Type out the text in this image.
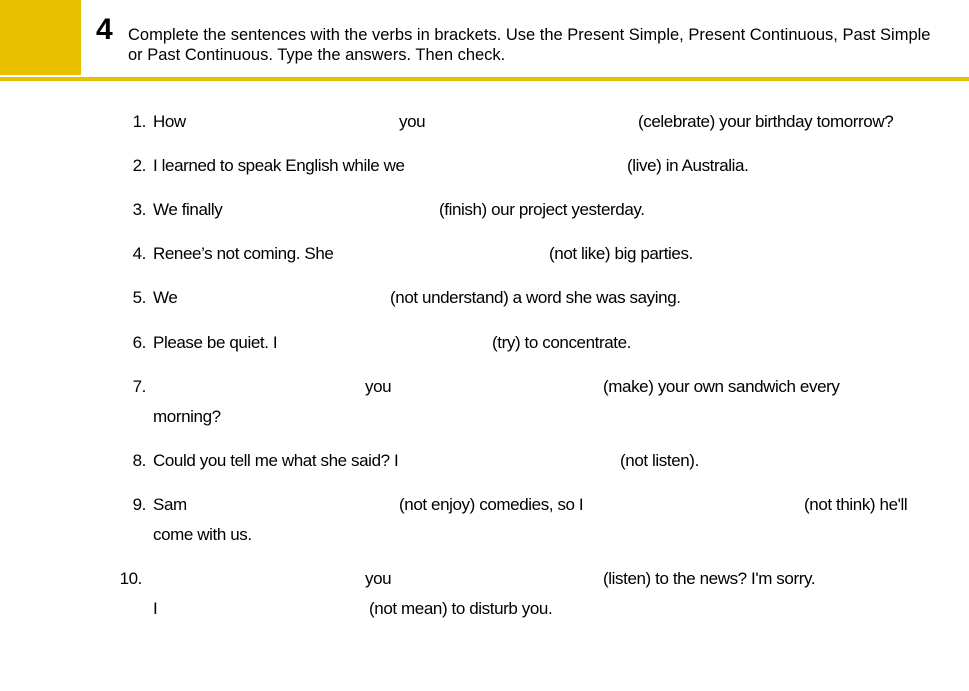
4 Complete the sentences with the verbs in brackets. Use the Present Simple, Present Continuous, Past Simple or Past Continuous. Type the answers. Then check.
1. How	you	(celebrate) your birthday tomorrow?
2. I learned to speak English while we	(live) in Australia.
3. We finally	(finish) our project yesterday.
4. Renee’s not coming. She	(not like) big parties.
5. We	(not understand) a word she was saying.
6. Please be quiet. I	(try) to concentrate.
7.	you	(make) your own sandwich every
morning?
8. Could you tell me what she said? I	(not listen).
9. Sam	(not enjoy) comedies, so I	(not think) he'll
come with us.
10.	you	(listen) to the news? I'm sorry.
I	(not mean) to disturb you.
